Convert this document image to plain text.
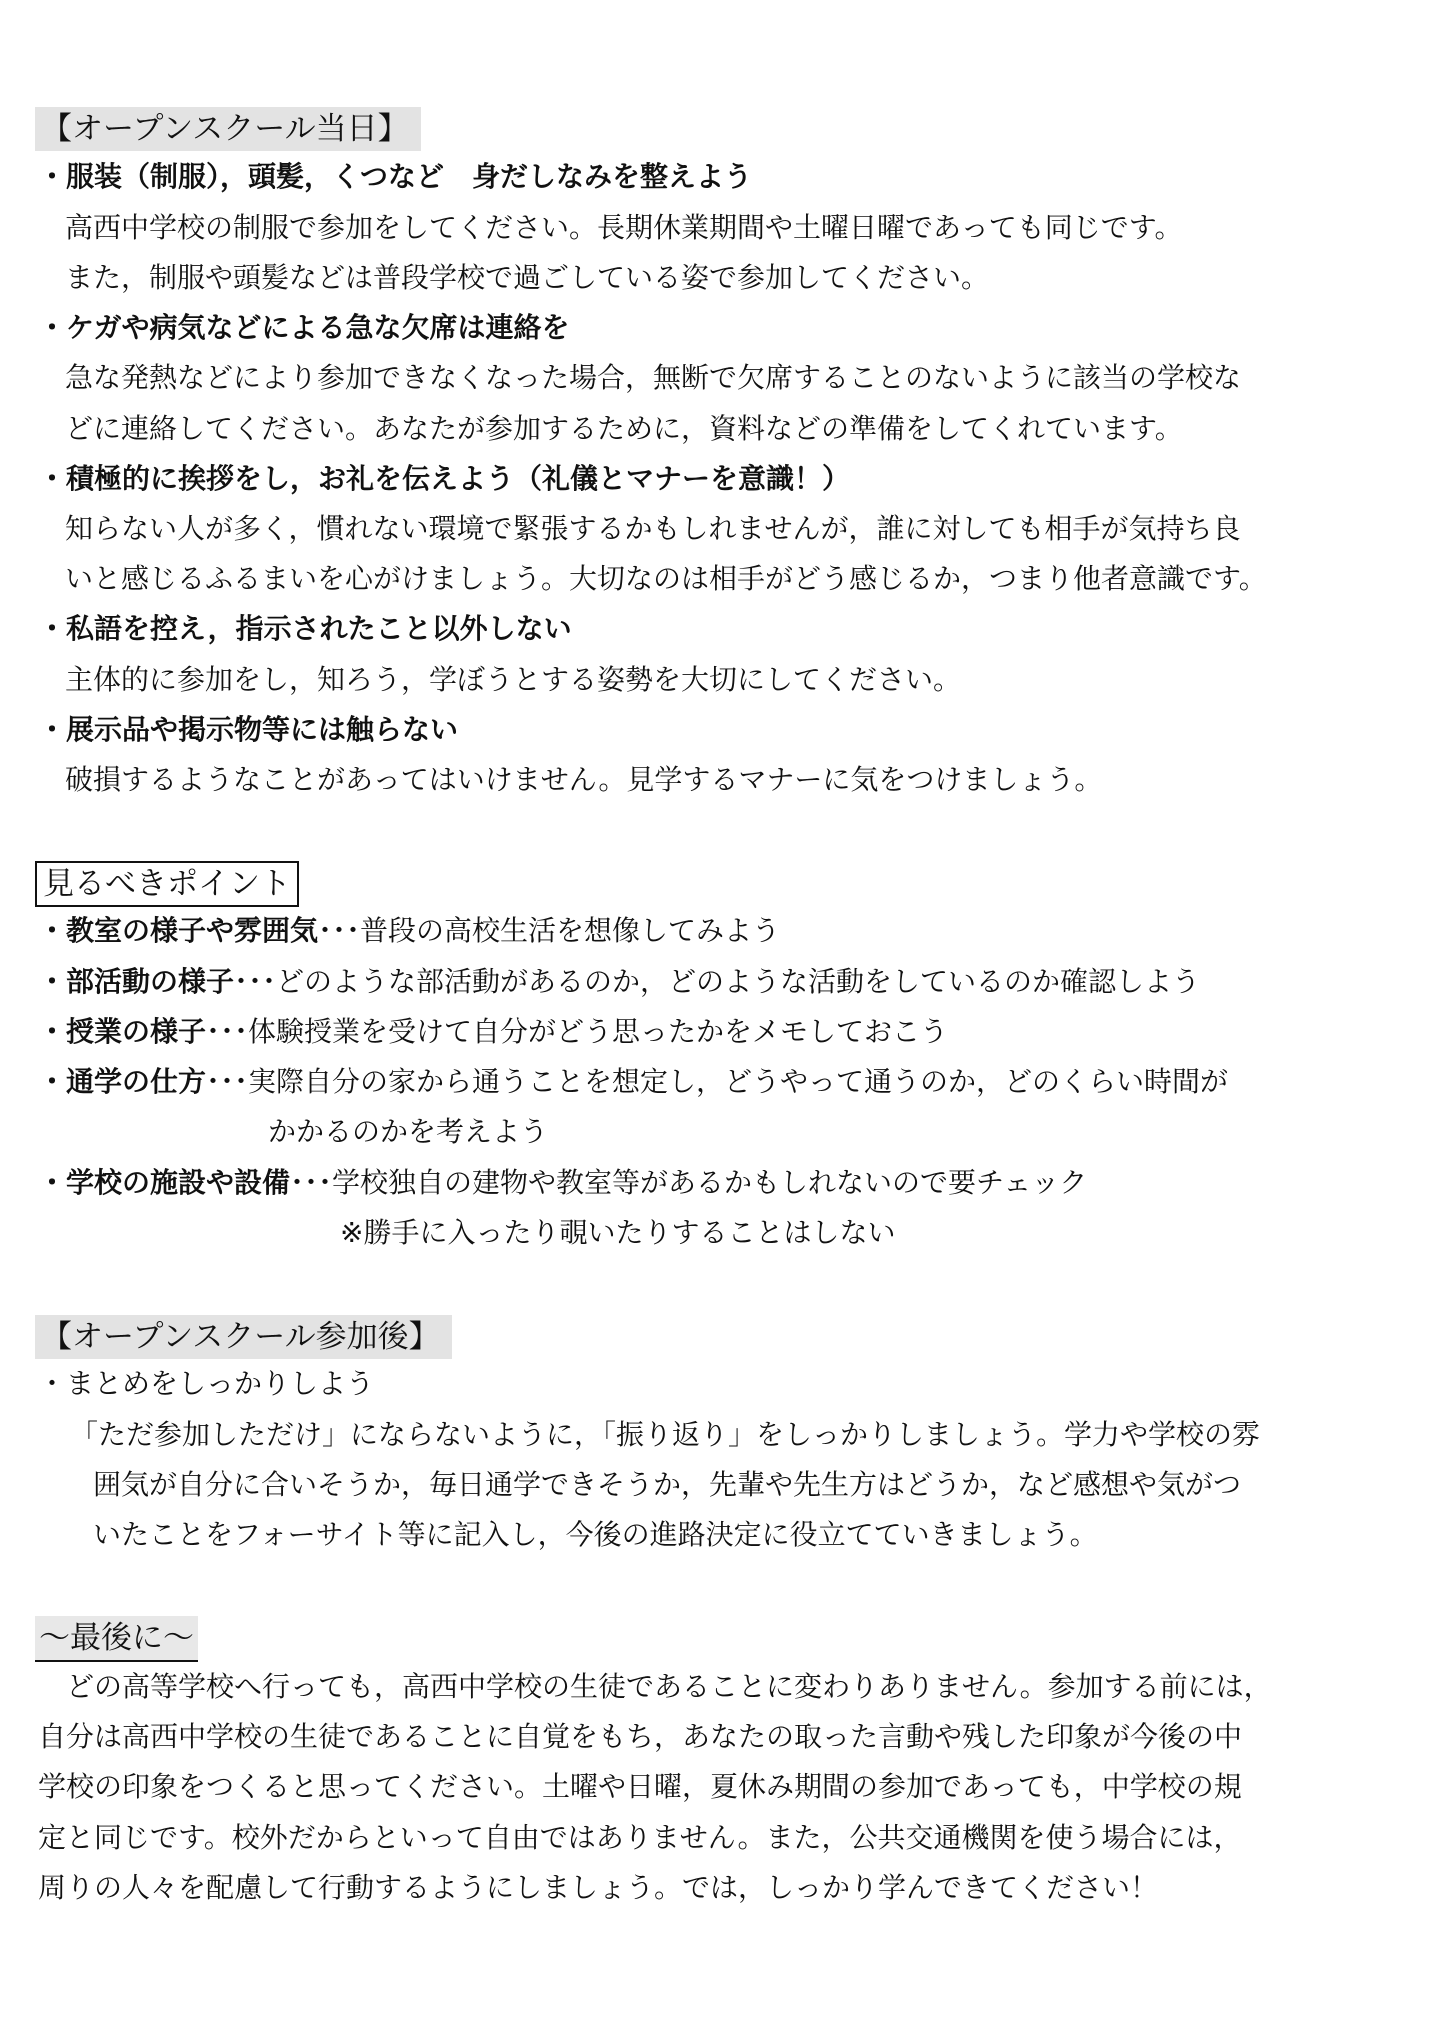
【オープンスクール当日】
・服装（制服），頭髪，くつなど　身だしなみを整えよう
高西中学校の制服で参加をしてください。長期休業期間や土曜日曜であっても同じです。
また，制服や頭髪などは普段学校で過ごしている姿で参加してください。
・ケガや病気などによる急な欠席は連絡を
急な発熱などにより参加できなくなった場合，無断で欠席することのないように該当の学校な
どに連絡してください。あなたが参加するために，資料などの準備をしてくれています。
・積極的に挨拶をし，お礼を伝えよう（礼儀とマナーを意識！）
知らない人が多く，慣れない環境で緊張するかもしれませんが，誰に対しても相手が気持ち良
いと感じるふるまいを心がけましょう。大切なのは相手がどう感じるか，つまり他者意識です。
・私語を控え，指示されたこと以外しない
主体的に参加をし，知ろう，学ぼうとする姿勢を大切にしてください。
・展示品や掲示物等には触らない
破損するようなことがあってはいけません。見学するマナーに気をつけましょう。
見るべきポイント
・教室の様子や雰囲気･･･普段の高校生活を想像してみよう
・部活動の様子･･･どのような部活動があるのか，どのような活動をしているのか確認しよう
・授業の様子･･･体験授業を受けて自分がどう思ったかをメモしておこう
・通学の仕方･･･実際自分の家から通うことを想定し，どうやって通うのか，どのくらい時間が
かかるのかを考えよう
・学校の施設や設備･･･学校独自の建物や教室等があるかもしれないので要チェック
※勝手に入ったり覗いたりすることはしない
【オープンスクール参加後】
・まとめをしっかりしよう
「ただ参加しただけ」にならないように，「振り返り」をしっかりしましょう。学力や学校の雰
囲気が自分に合いそうか，毎日通学できそうか，先輩や先生方はどうか，など感想や気がつ
いたことをフォーサイト等に記入し，今後の進路決定に役立てていきましょう。
～最後に～
　どの高等学校へ行っても，高西中学校の生徒であることに変わりありません。参加する前には，
自分は高西中学校の生徒であることに自覚をもち，あなたの取った言動や残した印象が今後の中
学校の印象をつくると思ってください。土曜や日曜，夏休み期間の参加であっても，中学校の規
定と同じです。校外だからといって自由ではありません。また，公共交通機関を使う場合には，
周りの人々を配慮して行動するようにしましょう。では，しっかり学んできてください！
